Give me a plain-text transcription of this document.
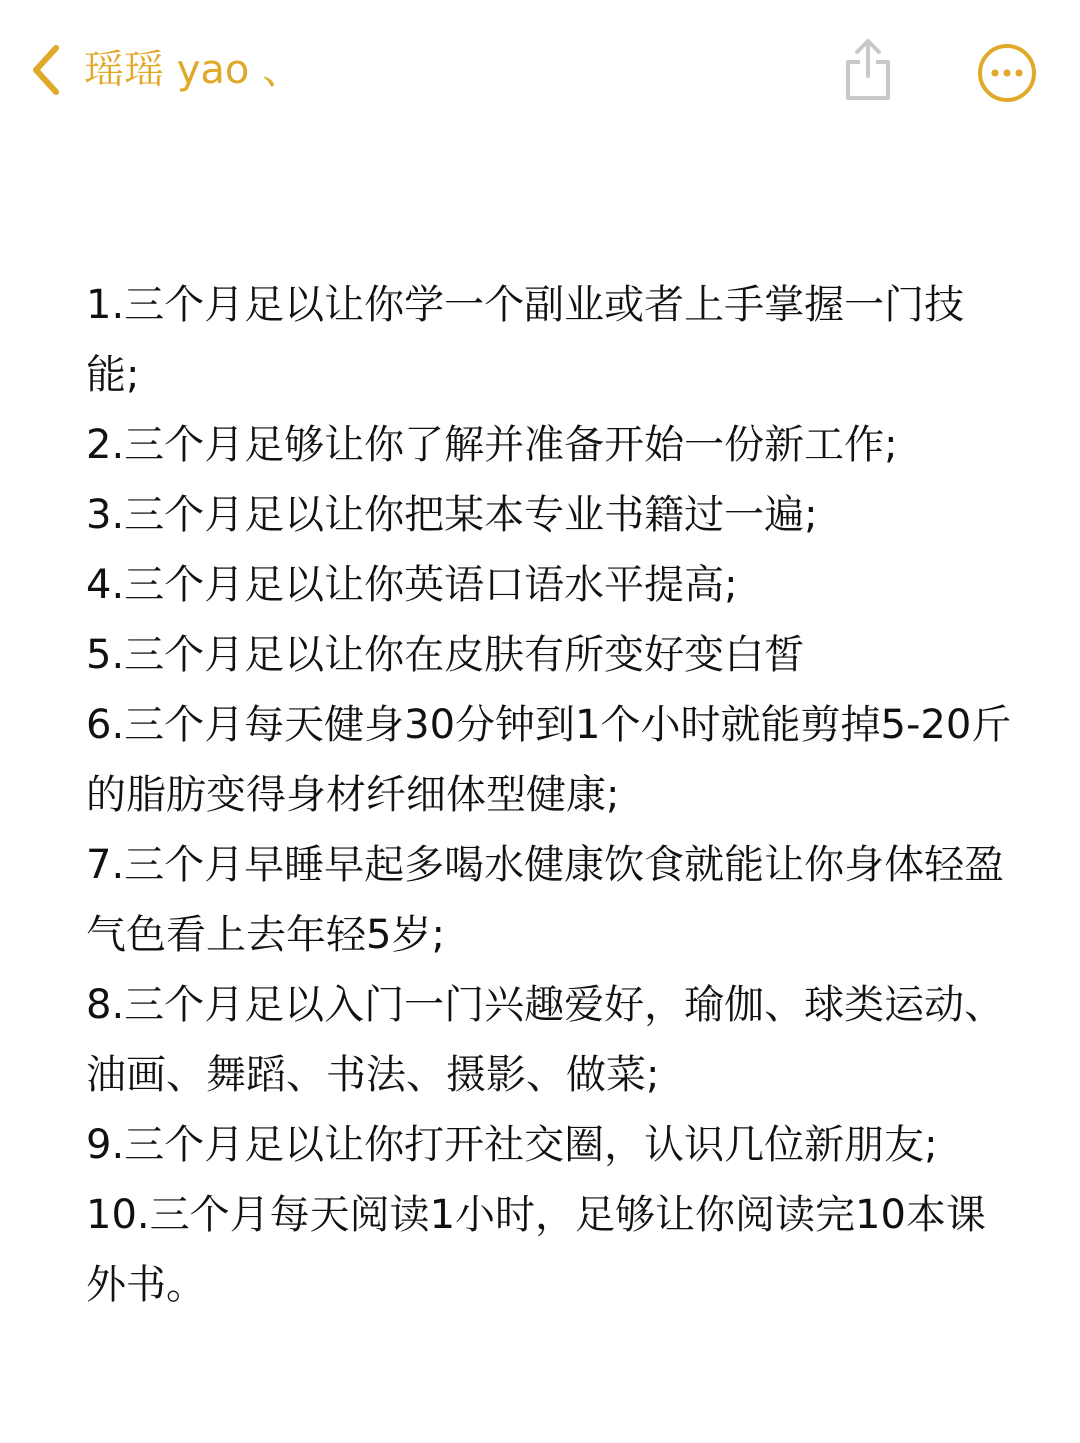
瑶瑶 yao 、

1.三个月足以让你学一个副业或者上手掌握一门技能;

2.三个月足够让你了解并准备开始一份新工作;

3.三个月足以让你把某本专业书籍过一遍;

4.三个月足以让你英语口语水平提高;

5.三个月足以让你在皮肤有所变好变白皙

6.三个月每天健身30分钟到1个小时就能剪掉5-20斤的脂肪变得身材纤细体型健康;

7.三个月早睡早起多喝水健康饮食就能让你身体轻盈气色看上去年轻5岁;

8.三个月足以入门一门兴趣爱好，瑜伽、球类运动、油画、舞蹈、书法、摄影、做菜;

9.三个月足以让你打开社交圈，认识几位新朋友;

10.三个月每天阅读1小时，足够让你阅读完10本课外书。
